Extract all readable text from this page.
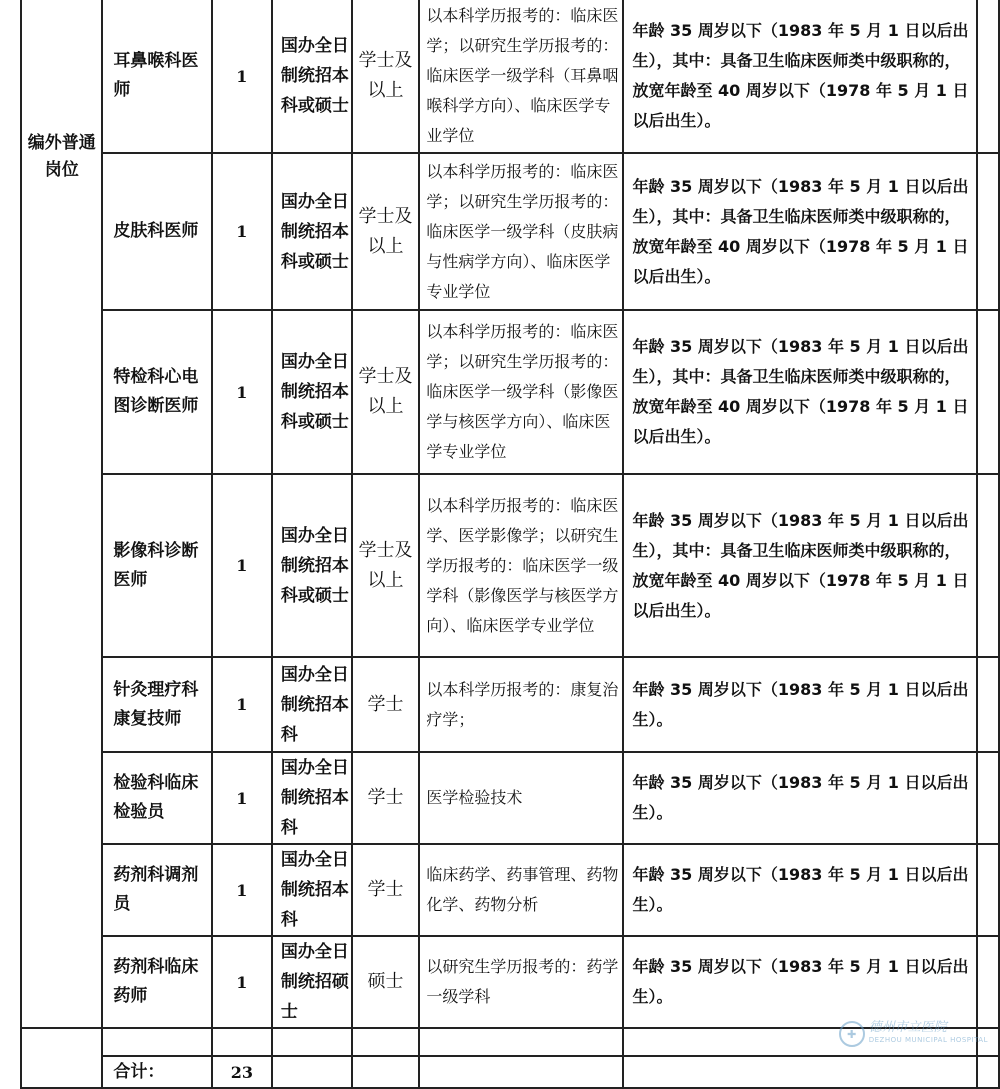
编外普通岗位	耳鼻喉科医师	1	国办全日制统招本科或硕士	学士及以上	以本科学历报考的：临床医学；以研究生学历报考的：临床医学一级学科（耳鼻咽喉科学方向）、临床医学专业学位	年龄 35 周岁以下（1983 年 5 月 1 日以后出生），其中：具备卫生临床医师类中级职称的，放宽年龄至 40 周岁以下（1978 年 5 月 1 日以后出生）。	
	皮肤科医师	1	国办全日制统招本科或硕士	学士及以上	以本科学历报考的：临床医学；以研究生学历报考的：临床医学一级学科（皮肤病与性病学方向）、临床医学专业学位	年龄 35 周岁以下（1983 年 5 月 1 日以后出生），其中：具备卫生临床医师类中级职称的，放宽年龄至 40 周岁以下（1978 年 5 月 1 日以后出生）。	
	特检科心电图诊断医师	1	国办全日制统招本科或硕士	学士及以上	以本科学历报考的：临床医学；以研究生学历报考的：临床医学一级学科（影像医学与核医学方向）、临床医学专业学位	年龄 35 周岁以下（1983 年 5 月 1 日以后出生），其中：具备卫生临床医师类中级职称的，放宽年龄至 40 周岁以下（1978 年 5 月 1 日以后出生）。	
	影像科诊断医师	1	国办全日制统招本科或硕士	学士及以上	以本科学历报考的：临床医学、医学影像学；以研究生学历报考的：临床医学一级学科（影像医学与核医学方向）、临床医学专业学位	年龄 35 周岁以下（1983 年 5 月 1 日以后出生），其中：具备卫生临床医师类中级职称的，放宽年龄至 40 周岁以下（1978 年 5 月 1 日以后出生）。	
	针灸理疗科康复技师	1	国办全日制统招本科	学士	以本科学历报考的：康复治疗学；	年龄 35 周岁以下（1983 年 5 月 1 日以后出生）。	
	检验科临床检验员	1	国办全日制统招本科	学士	医学检验技术	年龄 35 周岁以下（1983 年 5 月 1 日以后出生）。	
	药剂科调剂员	1	国办全日制统招本科	学士	临床药学、药事管理、药物化学、药物分析	年龄 35 周岁以下（1983 年 5 月 1 日以后出生）。	
	药剂科临床药师	1	国办全日制统招硕士	硕士	以研究生学历报考的：药学一级学科	年龄 35 周岁以下（1983 年 5 月 1 日以后出生）。	

	合计：	23					
✚ 德州市立医院
DEZHOU MUNICIPAL HOSPITAL
